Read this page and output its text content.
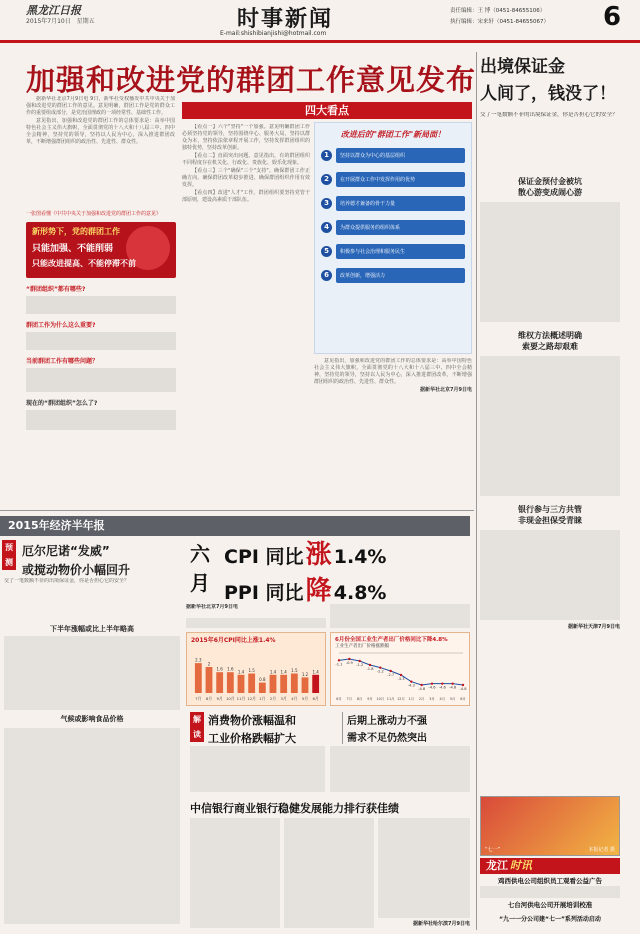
黑龙江日报
2015年7月10日 星期五	时事新闻
E-mail:shishibianjishi@hotmail.com
责任编辑：王 博（0451-84655106）
执行编辑：宋来轩（0451-84655067） 6
加强和改进党的群团工作意见发布

据新华社北京7月9日电 9日，新华社受权播发中共中央关于加强和改进党的群团工作的意见。意见明确，群团工作是党的群众工作的重要组成部分，是党治国理政的一项经常性、基础性工作。

意见指出，加强和改进党的群团工作的总体要求是：高举中国特色社会主义伟大旗帜，全面贯彻党的十八大和十八届三中、四中全会精神，坚持党的领导，坚持以人民为中心，深入推进群团改革，不断增强群团组织的政治性、先进性、群众性。

一张图看懂《中共中央关于加强和改进党的群团工作的意见》
新形势下，党的群团工作
只能加强、不能削弱
只能改进提高、不能停滞不前
“群团组织”都有哪些?
群团工作为什么这么重要?
当前群团工作有哪些问题？
现在的“群团组织”怎么了?
四大看点

【看点一】六个"坚持"一个加强。意见明确群团工作必须坚持党的领导，坚持围绕中心、服务大局，坚持以群众为本，坚持依法依章程开展工作，坚持发挥群团组织的独特优势，坚持改革创新。

【看点二】直面突出问题。意见指出，有的群团组织不同程度存在机关化、行政化、贵族化、娱乐化现象。

【看点三】三个"确保"三个"支持"。确保群团工作正确方向、确保群团改革稳步推进、确保群团组织作用有效发挥。

【看点四】改进"人才"工作。群团组织要坚持党管干部原则，建设高素质干部队伍。

改进后的"群团工作"新局面！
1	坚持以群众为中心的基层组织
2	在开展群众工作中发挥作用的优势
3	培养德才兼备的骨干力量
4	为群众提供服务的组织体系
5	积极参与社会治理和服务民生
6	改革创新，增强活力

意见指出，加强和改进党的群团工作的总体要求是：高举中国特色社会主义伟大旗帜，全面贯彻党的十八大和十八届三中、四中全会精神，坚持党的领导，坚持以人民为中心，深入推进群团改革，不断增强群团组织的政治性、先进性、群众性。

据新华社北京7月9日电

出境保证金
人间了，钱没了！
交了一笔数额不菲的出境保证金，你是否担心它的安全？
保证金预付金被坑
散心游变成闹心游
维权方法概述明确
索要之路却艰难
银行参与三方共管
非现金担保受青睐
据新华社天津7月9日电
2015年经济半年报
预
测
厄尔尼诺“发威”
或搅动物价小幅回升
交了一笔数额不菲的出境保证金，你是否担心它的安全？
下半年涨幅或比上半年略高
气候或影响食品价格
六
月
CPI 同比 涨 1.4%
PPI 同比 降 4.8%
据新华社北京7月9日电
2015年6月CPI同比上涨1.4%
2.3
7月
2
8月
1.6
9月
1.6
10月
1.4
11月
1.5
12月
0.8
1月
1.4
2月
1.4
3月
1.5
4月
1.2
5月
1.4
6月
6月份全国工业生产者出厂价格同比下降4.8%
工业生产者出厂价格涨跌幅
-1.1
6月
-0.9
7月
-1.2
8月
-1.8
9月
-2.2
10月
-2.7
11月
-3.3
12月
-4.3
1月
-4.8
2月
-4.6
3月
-4.6
4月
-4.6
5月
-4.8
6月
解
读
消费物价涨幅温和
工业价格跌幅扩大
后期上涨动力不强
需求不足仍然突出
中信银行商业银行稳健发展能力排行获佳绩
据新华社哈尔滨7月9日电
“七一”	本报记者 摄
龙江 时讯
鸡西供电公司组织员工观看公益广告
七台河供电公司开展培训校准
“九一一分公司建“七一”系列活动启动
